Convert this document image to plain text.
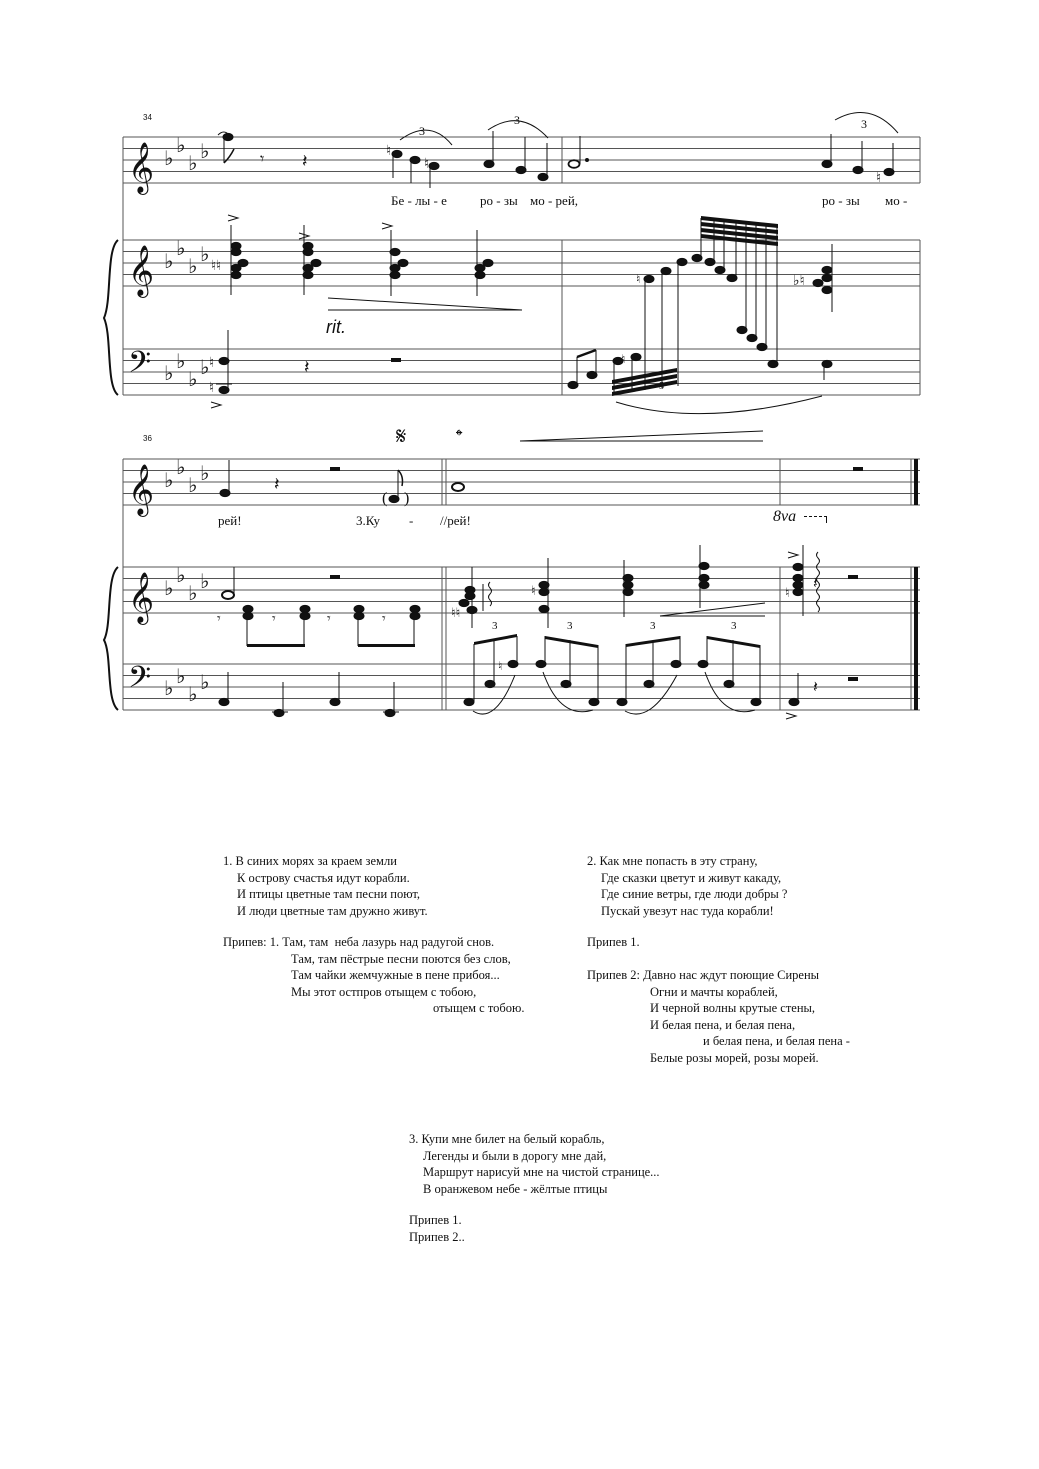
𝄞
𝄞
𝄢
𝄞
𝄞
𝄢
♭
♭
♭ ♭
♭
♭
♭ ♭
♭ ♭
♭ ♭
♭
♭
♭ ♭
♭
♭
♭ ♭
♭ ♭
♭ ♭
𝄾 𝄽	♮
♮
♮
3
3	3
♮♮
♮
♮	♭♮
rit.
5
♮
♮
𝄽
𝄽
( )
𝄋	𝄌
𝄾	𝄾	𝄾	𝄾	♮♮
♮	♮
𝄽
3	3	3	3
♮
𝄽
34
36
Бе - лы - е	ро - зы мо - рей,	ро - зы мо -
рей!	3.Ку - //рей!	8va
1. В синих морях за краем земли
К острову счастья идут корабли.
И птицы цветные там песни поют,
И люди цветные там дружно живут.
Припев: 1. Там, там  неба лазурь над радугой снов.
Там, там пёстрые песни поются без слов,
Там чайки жемчужные в пене прибоя...
Мы этот остпров отыщем с тобою,
отыщем с тобою.
2. Как мне попасть в эту страну,
Где сказки цветут и живут какаду,
Где синие ветры, где люди добры ?
Пускай увезут нас туда корабли!
Припев 1.
Припев 2: Давно нас ждут поющие Сирены
Огни и мачты кораблей,
И черной волны крутые стены,
И белая пена, и белая пена,
и белая пена, и белая пена -
Белые розы морей, розы морей.
3. Купи мне билет на белый корабль,
Легенды и были в дорогу мне дай,
Маршрут нарисуй мне на чистой странице...
В оранжевом небе - жёлтые птицы
Припев 1.
Припев 2..
